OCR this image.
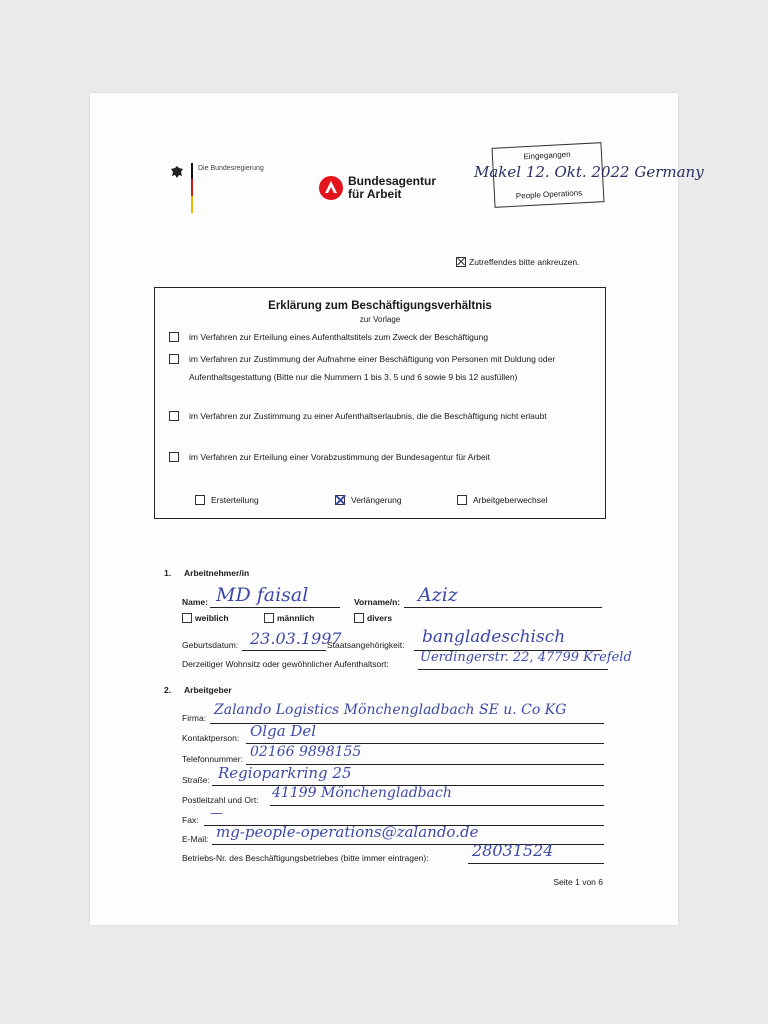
Die Bundesregierung
Bundesagentur
für Arbeit
Eingegangen
People Operations
Makel 12. Okt. 2022 Germany
Zutreffendes bitte ankreuzen.
Erklärung zum Beschäftigungsverhältnis
zur Vorlage
im Verfahren zur Erteilung eines Aufenthaltstitels zum Zweck der Beschäftigung
im Verfahren zur Zustimmung der Aufnahme einer Beschäftigung von Personen mit Duldung oder Aufenthaltsgestattung (Bitte nur die Nummern 1 bis 3, 5 und 6 sowie 9 bis 12 ausfüllen)
im Verfahren zur Zustimmung zu einer Aufenthaltserlaubnis, die die Beschäftigung nicht erlaubt
im Verfahren zur Erteilung einer Vorabzustimmung der Bundesagentur für Arbeit
Ersterteilung	Verlängerung	Arbeitgeberwechsel
1. Arbeitnehmer/in
Name: MD faisal	Vorname/n: Aziz
weiblich	männlich	divers
Geburtsdatum: 23.03.1997
Staatsangehörigkeit: bangladeschisch
Derzeitiger Wohnsitz oder gewöhnlicher Aufenthaltsort: Uerdingerstr. 22, 47799 Krefeld
2. Arbeitgeber
Firma: Zalando Logistics Mönchengladbach SE u. Co KG
Kontaktperson: Olga Del
Telefonnummer: 02166 9898155
Straße: Regioparkring 25
Postleitzahl und Ort: 41199 Mönchengladbach
Fax: —
E-Mail: mg-people-operations@zalando.de
Betriebs-Nr. des Beschäftigungsbetriebes (bitte immer eintragen):	28031524
Seite 1 von 6
